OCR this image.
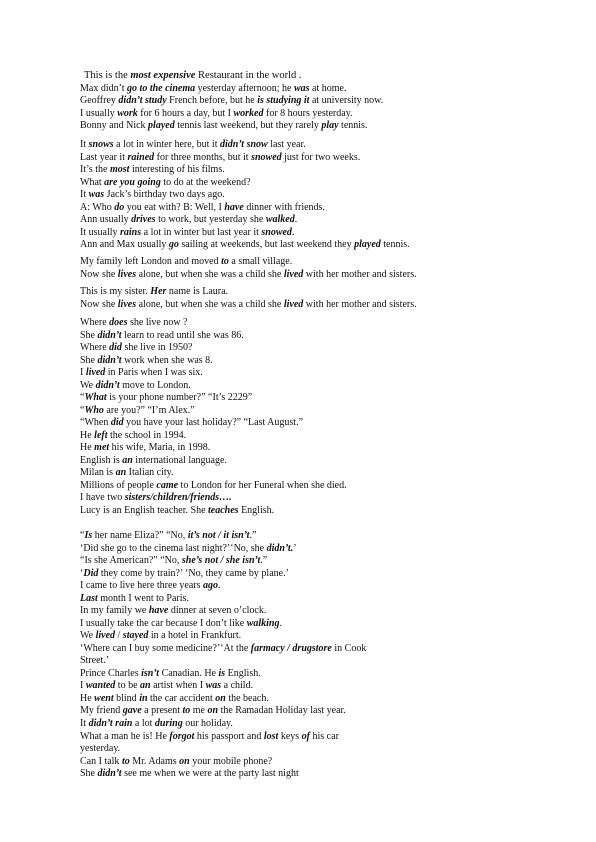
This is the most expensive Restaurant in the world .

Max didn’t go to the cinema yesterday afternoon; he was at home.

Geoffrey didn’t study French before, but he is studying it at university now.

I usually work for 6 hours a day, but I worked for 8 hours yesterday.

Bonny and Nick played tennis last weekend, but they rarely play tennis.

It snows a lot in winter here, but it didn’t snow last year.

Last year it rained for three months, but it snowed just for two weeks.

It’s the most interesting of his films.

What are you going to do at the weekend?

It was Jack’s birthday two days ago.

A: Who do you eat with? B: Well, I have dinner with friends.

Ann usually drives to work, but yesterday she walked.

It usually rains a lot in winter but last year it snowed.

Ann and Max usually go sailing at weekends, but last weekend they played tennis.

My family left London and moved to a small village.

Now she lives alone, but when she was a child she lived with her mother and sisters.

This is my sister. Her name is Laura.

Now she lives alone, but when she was a child she lived with her mother and sisters.

Where does she live now ?

She didn’t learn to read until she was 86.

Where did she live in 1950?

She didn’t work when she was 8.

I lived in Paris when I was six.

We didn’t move to London.

“What is your phone number?” “It’s 2229”

“Who are you?” “I’m Alex.”

“When did you have your last holiday?” “Last August.”

He left the school in 1994.

He met his wife, Maria, in 1998.

English is an international language.

Milan is an Italian city.

Millions of people came to London for her Funeral when she died.

I have two sisters/children/friends….

Lucy is an English teacher. She teaches English.

“Is her name Eliza?” “No, it’s not / it isn’t.”

‘Did she go to the cinema last night?’‘No, she didn’t.’

“Is she American?” “No, she’s not / she isn’t.”

‘Did they come by train?’ ‘No, they came by plane.’

I came to live here three years ago.

Last month I went to Paris.

In my family we have dinner at seven o’clock.

I usually take the car because I don’t like walking.

We lived / stayed in a hotel in Frankfurt.

‘Where can I buy some medicine?’‘At the farmacy / drugstore in Cook

Street.’

Prince Charles isn’t Canadian. He is English.

I wanted to be an artist when I was a child.

He went blind in the car accident on the beach.

My friend gave a present to me on the Ramadan Holiday last year.

It didn’t rain a lot during our holiday.

What a man he is! He forgot his passport and lost keys of his car

yesterday.

Can I talk to Mr. Adams on your mobile phone?

She didn’t see me when we were at the party last night
